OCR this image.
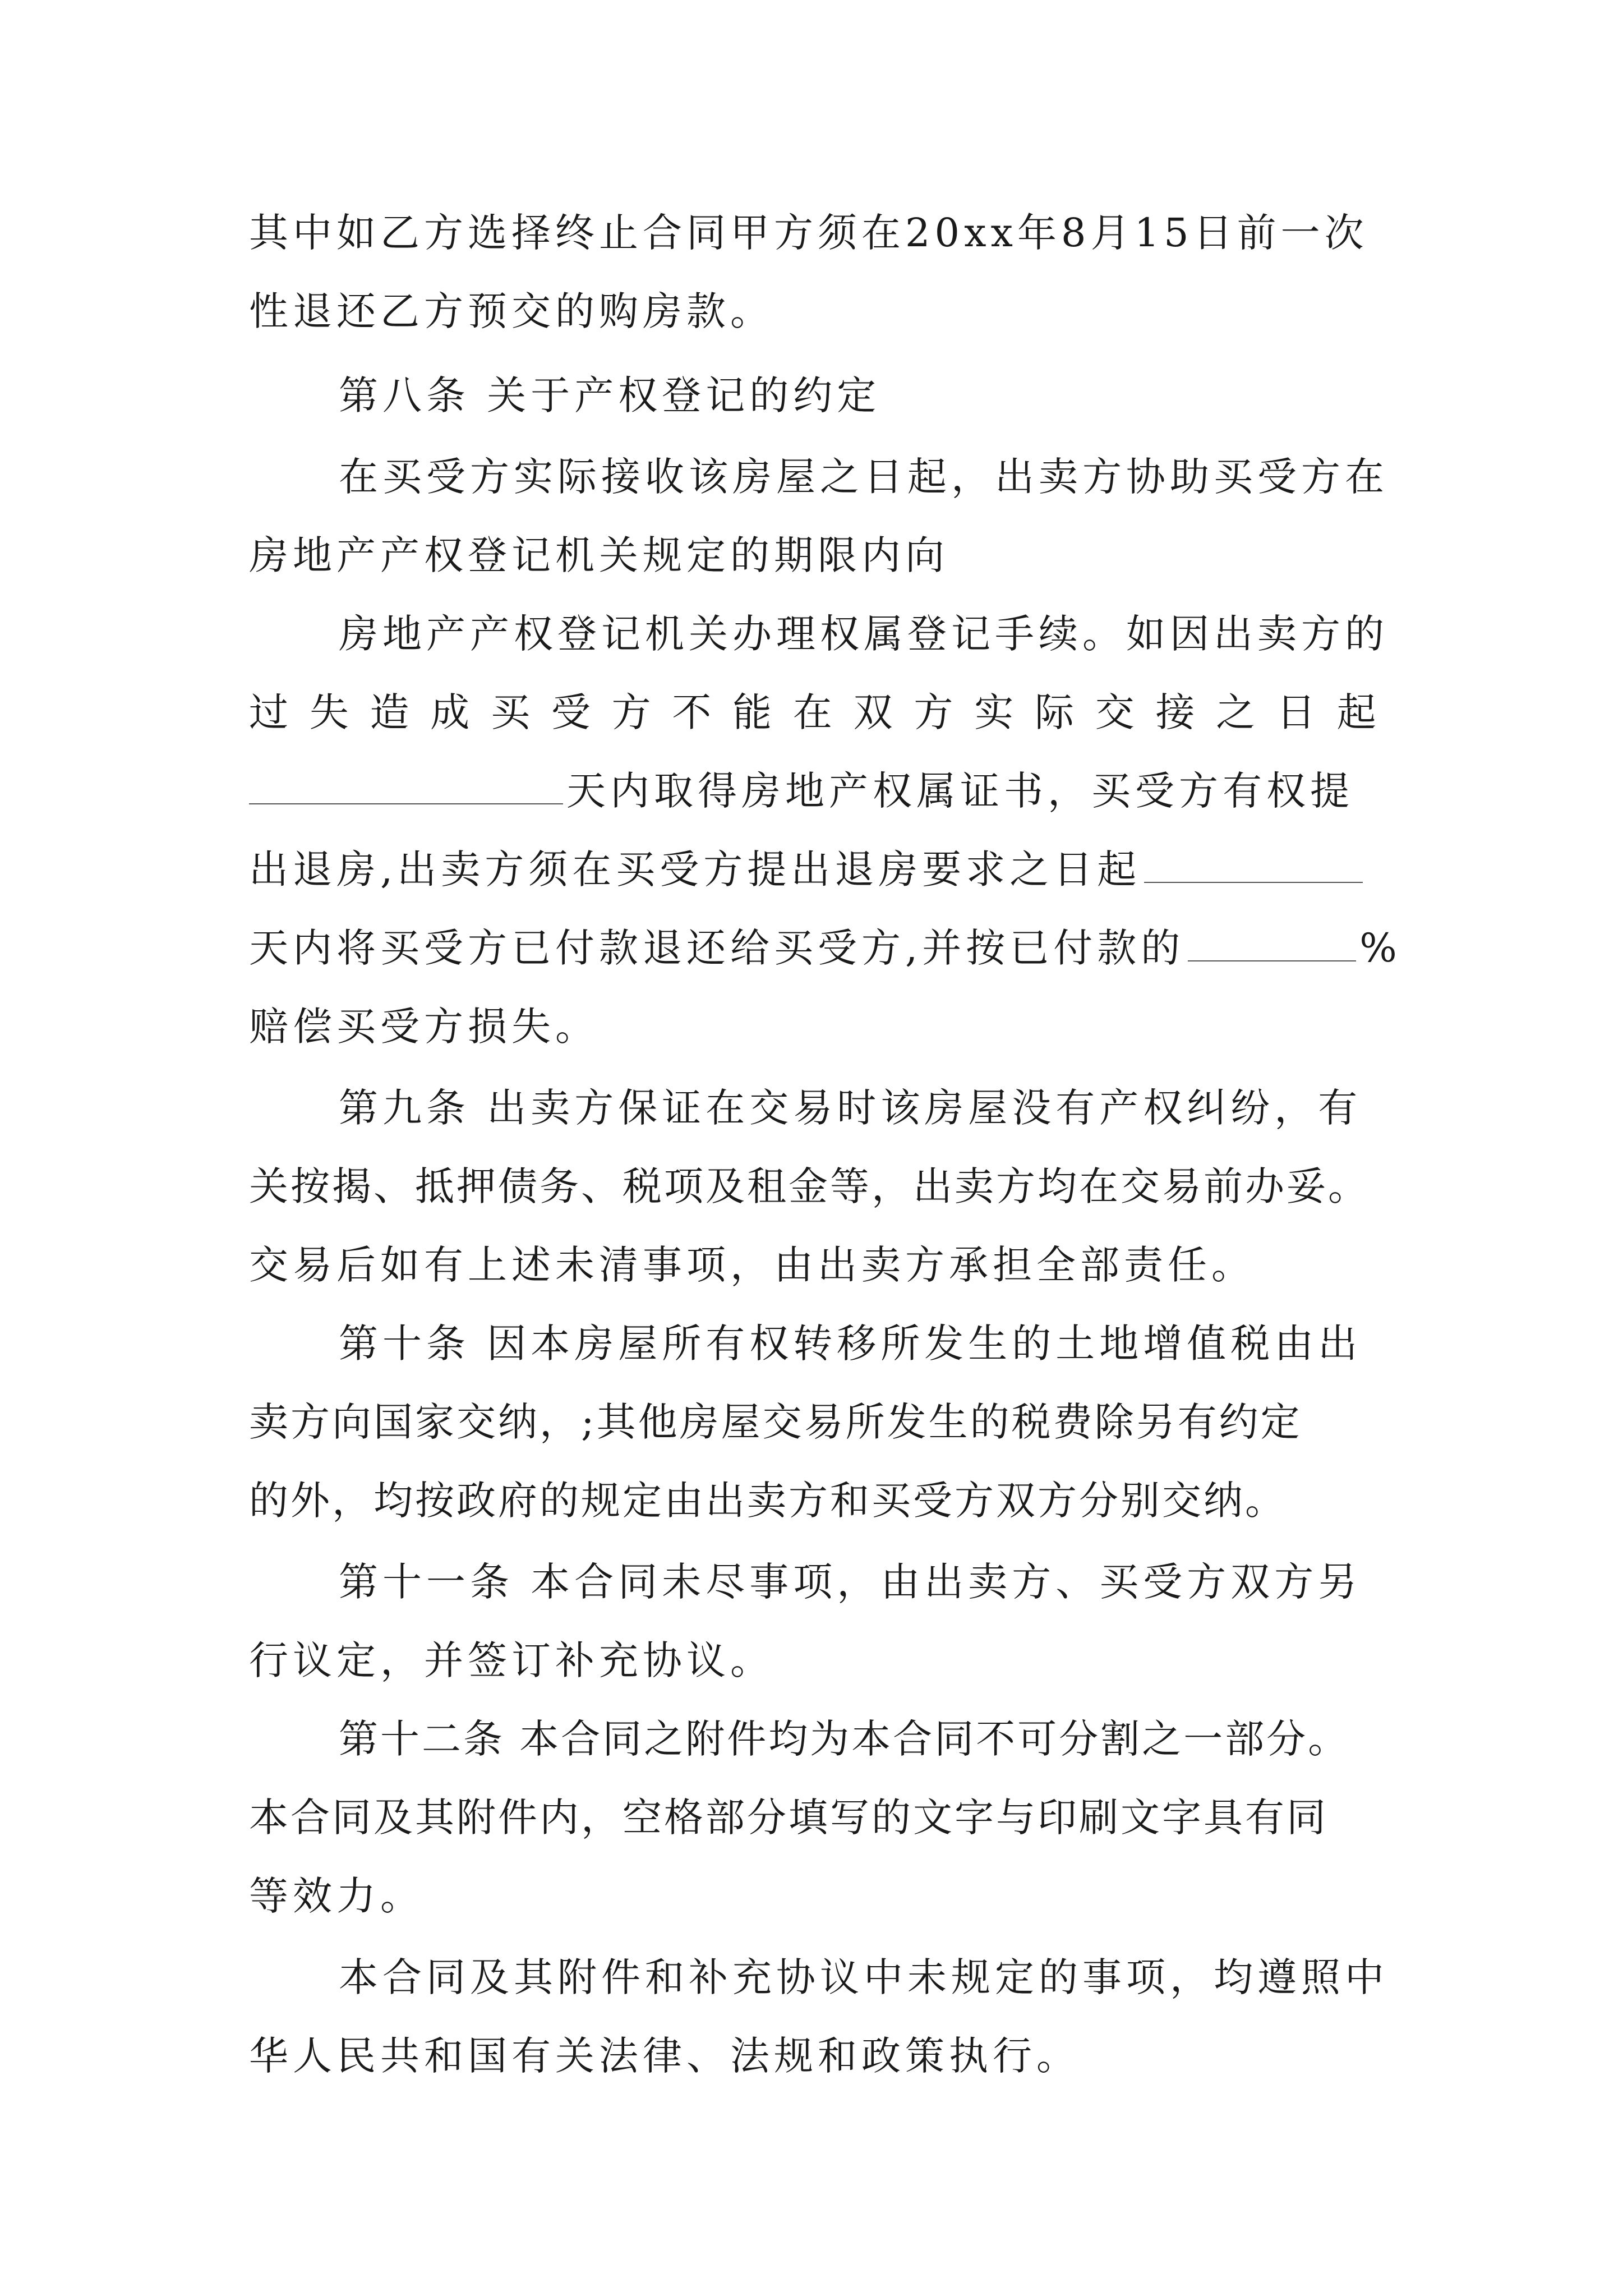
其中如乙方选择终止合同甲方须在20xx年8月15日前一次
性退还乙方预交的购房款。
第八条 关于产权登记的约定
在买受方实际接收该房屋之日起，出卖方协助买受方在
房地产产权登记机关规定的期限内向
房地产产权登记机关办理权属登记手续。如因出卖方的
过 失 造 成 买 受 方 不 能 在 双 方 实 际 交 接 之 日 起
天内取得房地产权属证书，买受方有权提
出退房,出卖方须在买受方提出退房要求之日起
天内将买受方已付款退还给买受方,并按已付款的	%
赔偿买受方损失。
第九条 出卖方保证在交易时该房屋没有产权纠纷，有
关按揭、抵押债务、税项及租金等，出卖方均在交易前办妥。
交易后如有上述未清事项，由出卖方承担全部责任。
第十条 因本房屋所有权转移所发生的土地增值税由出
卖方向国家交纳，;其他房屋交易所发生的税费除另有约定
的外，均按政府的规定由出卖方和买受方双方分别交纳。
第十一条 本合同未尽事项，由出卖方、买受方双方另
行议定，并签订补充协议。
第十二条 本合同之附件均为本合同不可分割之一部分。
本合同及其附件内，空格部分填写的文字与印刷文字具有同
等效力。
本合同及其附件和补充协议中未规定的事项，均遵照中
华人民共和国有关法律、法规和政策执行。
